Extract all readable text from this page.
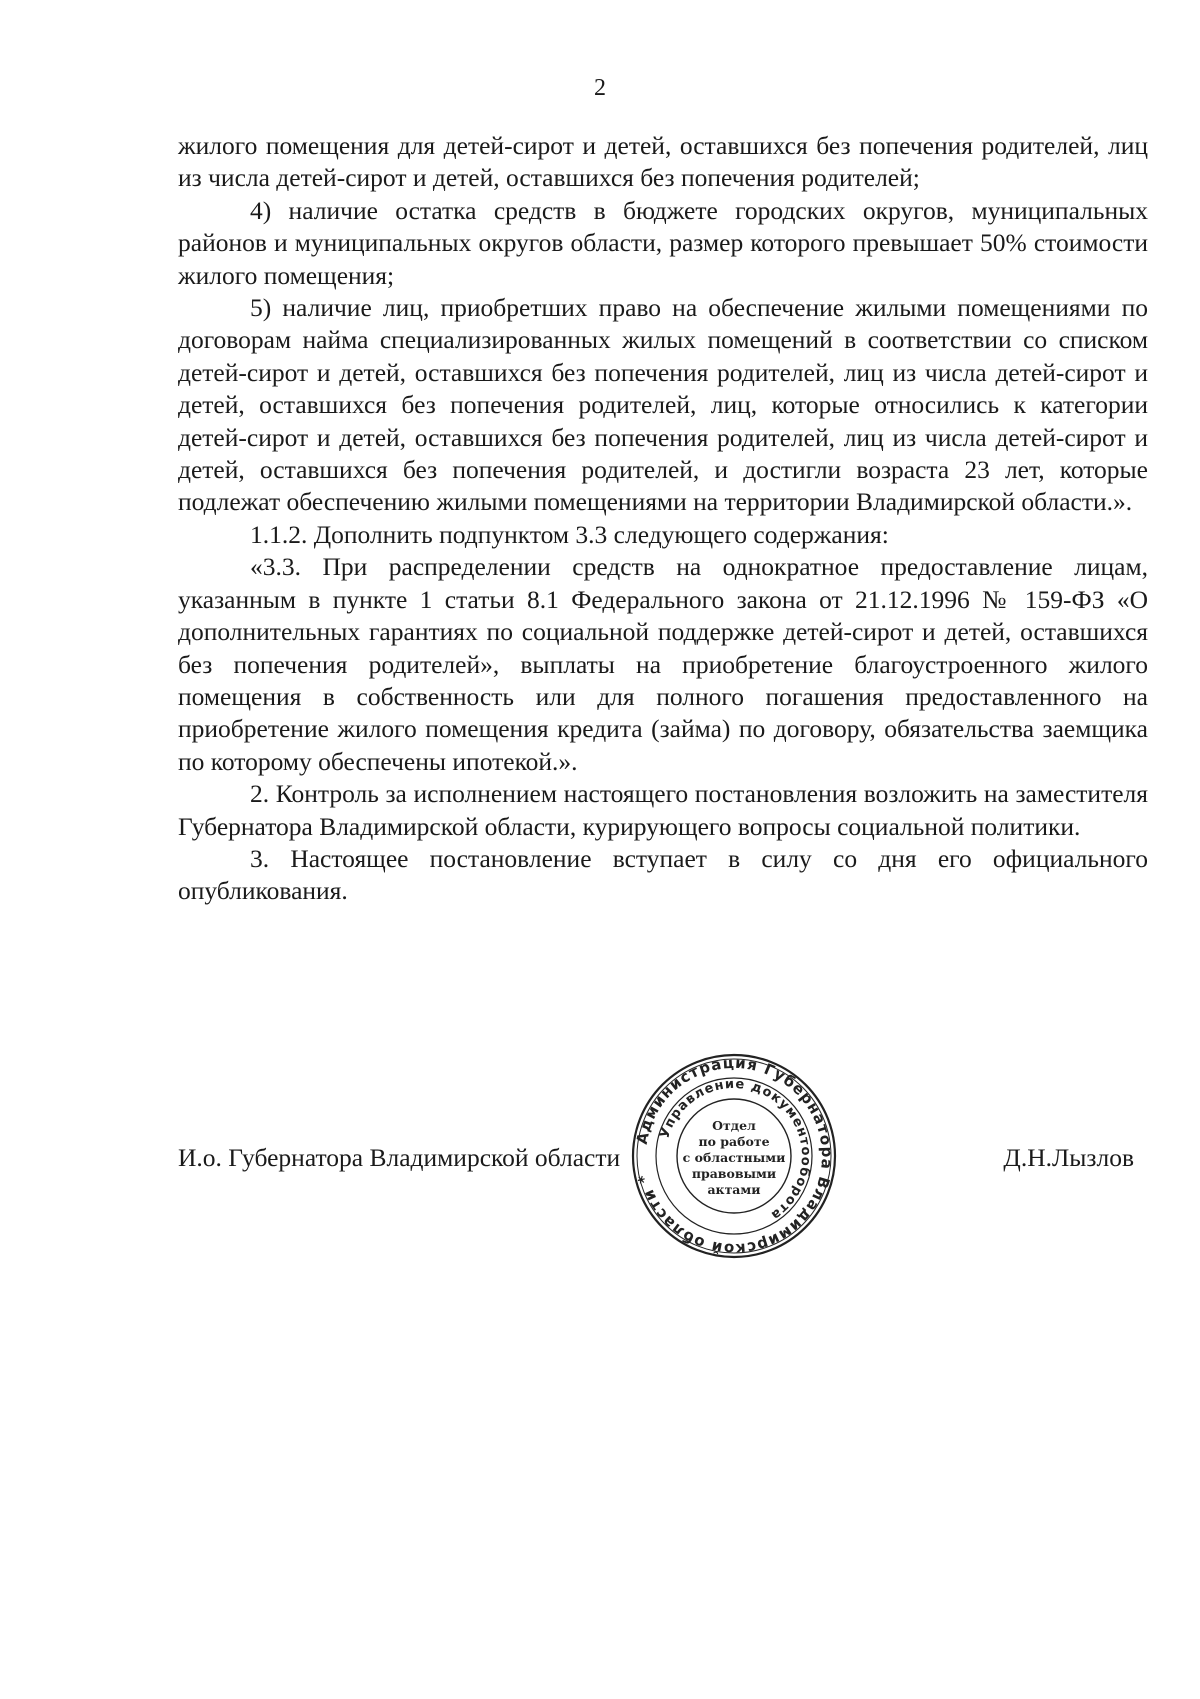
2

жилого помещения для детей-сирот и детей, оставшихся без попечения родителей, лиц из числа детей-сирот и детей, оставшихся без попечения родителей;

4) наличие остатка средств в бюджете городских округов, муниципальных районов и муниципальных округов области, размер которого превышает 50% стоимости жилого помещения;

5) наличие лиц, приобретших право на обеспечение жилыми помещениями по договорам найма специализированных жилых помещений в соответствии со списком детей-сирот и детей, оставшихся без попечения родителей, лиц из числа детей-сирот и детей, оставшихся без попечения родителей, лиц, которые относились к категории детей-сирот и детей, оставшихся без попечения родителей, лиц из числа детей-сирот и детей, оставшихся без попечения родителей, и достигли возраста 23 лет, которые подлежат обеспечению жилыми помещениями на территории Владимирской области.».

1.1.2. Дополнить подпунктом 3.3 следующего содержания:

«3.3. При распределении средств на однократное предоставление лицам, указанным в пункте 1 статьи 8.1 Федерального закона от 21.12.1996 № 159-ФЗ «О дополнительных гарантиях по социальной поддержке детей-сирот и детей, оставшихся без попечения родителей», выплаты на приобретение благоустроенного жилого помещения в собственность или для полного погашения предоставленного на приобретение жилого помещения кредита (займа) по договору, обязательства заемщика по которому обеспечены ипотекой.».

2. Контроль за исполнением настоящего постановления возложить на заместителя Губернатора Владимирской области, курирующего вопросы социальной политики.

3. Настоящее постановление вступает в силу со дня его официального опубликования.

И.о. Губернатора Владимирской области	Д.Н.Лызлов
Администрация Губернатора Владимирской области *
Управление документооборота
Отдел
по работе
с областными
правовыми
актами
